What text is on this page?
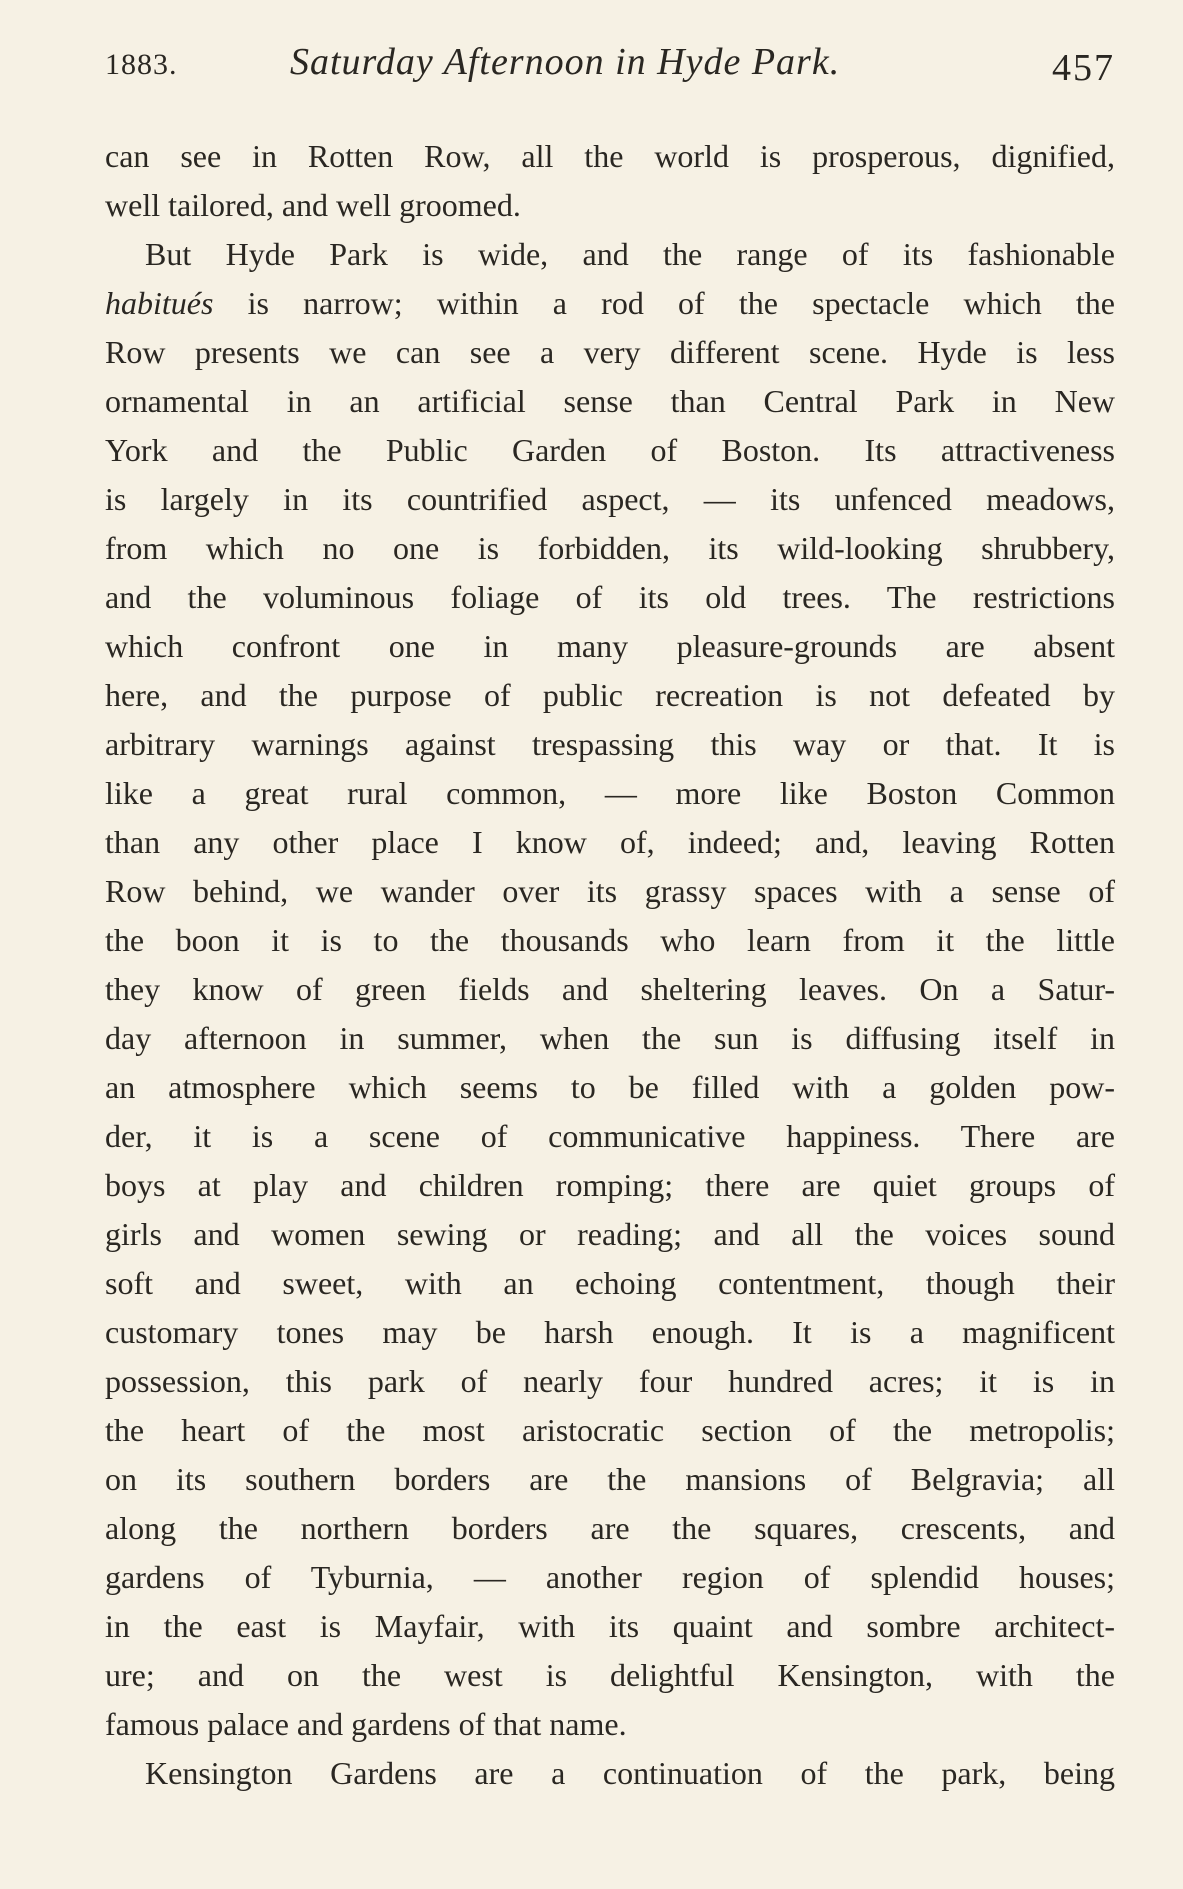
1883.	Saturday Afternoon in Hyde Park.	457
can see in Rotten Row, all the world is prosperous, dignified,
well tailored, and well groomed.
But Hyde Park is wide, and the range of its fashionable
habitués is narrow; within a rod of the spectacle which the
Row presents we can see a very different scene. Hyde is less
ornamental in an artificial sense than Central Park in New
York and the Public Garden of Boston. Its attractiveness
is largely in its countrified aspect, — its unfenced meadows,
from which no one is forbidden, its wild-looking shrubbery,
and the voluminous foliage of its old trees. The restrictions
which confront one in many pleasure-grounds are absent
here, and the purpose of public recreation is not defeated by
arbitrary warnings against trespassing this way or that. It is
like a great rural common, — more like Boston Common
than any other place I know of, indeed; and, leaving Rotten
Row behind, we wander over its grassy spaces with a sense of
the boon it is to the thousands who learn from it the little
they know of green fields and sheltering leaves. On a Satur-
day afternoon in summer, when the sun is diffusing itself in
an atmosphere which seems to be filled with a golden pow-
der, it is a scene of communicative happiness. There are
boys at play and children romping; there are quiet groups of
girls and women sewing or reading; and all the voices sound
soft and sweet, with an echoing contentment, though their
customary tones may be harsh enough. It is a magnificent
possession, this park of nearly four hundred acres; it is in
the heart of the most aristocratic section of the metropolis;
on its southern borders are the mansions of Belgravia; all
along the northern borders are the squares, crescents, and
gardens of Tyburnia, — another region of splendid houses;
in the east is Mayfair, with its quaint and sombre architect-
ure; and on the west is delightful Kensington, with the
famous palace and gardens of that name.
Kensington Gardens are a continuation of the park, being
